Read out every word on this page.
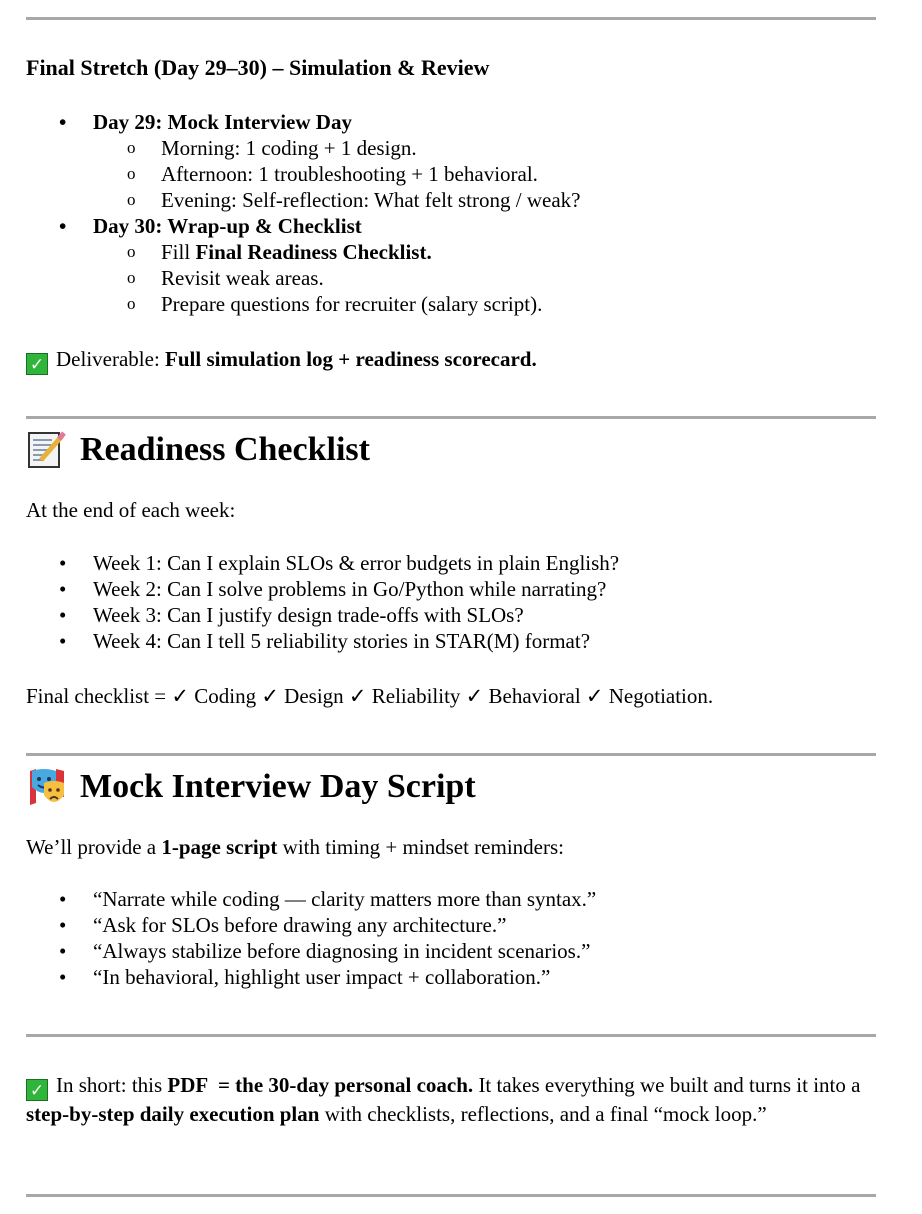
Final Stretch (Day 29–30) – Simulation & Review
• Day 29: Mock Interview Day
o Morning: 1 coding + 1 design.
o Afternoon: 1 troubleshooting + 1 behavioral.
o Evening: Self-reflection: What felt strong / weak?
• Day 30: Wrap-up & Checklist
o Fill Final Readiness Checklist.
o Revisit weak areas.
o Prepare questions for recruiter (salary script).
✓ Deliverable: Full simulation log + readiness scorecard.
Readiness Checklist
At the end of each week:
• Week 1: Can I explain SLOs & error budgets in plain English?
• Week 2: Can I solve problems in Go/Python while narrating?
• Week 3: Can I justify design trade-offs with SLOs?
• Week 4: Can I tell 5 reliability stories in STAR(M) format?
Final checklist = ✓ Coding ✓ Design ✓ Reliability ✓ Behavioral ✓ Negotiation.
Mock Interview Day Script
We’ll provide a 1-page script with timing + mindset reminders:
• “Narrate while coding — clarity matters more than syntax.”
• “Ask for SLOs before drawing any architecture.”
• “Always stabilize before diagnosing in incident scenarios.”
• “In behavioral, highlight user impact + collaboration.”
✓ In short: this PDF  = the 30-day personal coach. It takes everything we built and turns it into a step-by-step daily execution plan with checklists, reflections, and a final “mock loop.”
